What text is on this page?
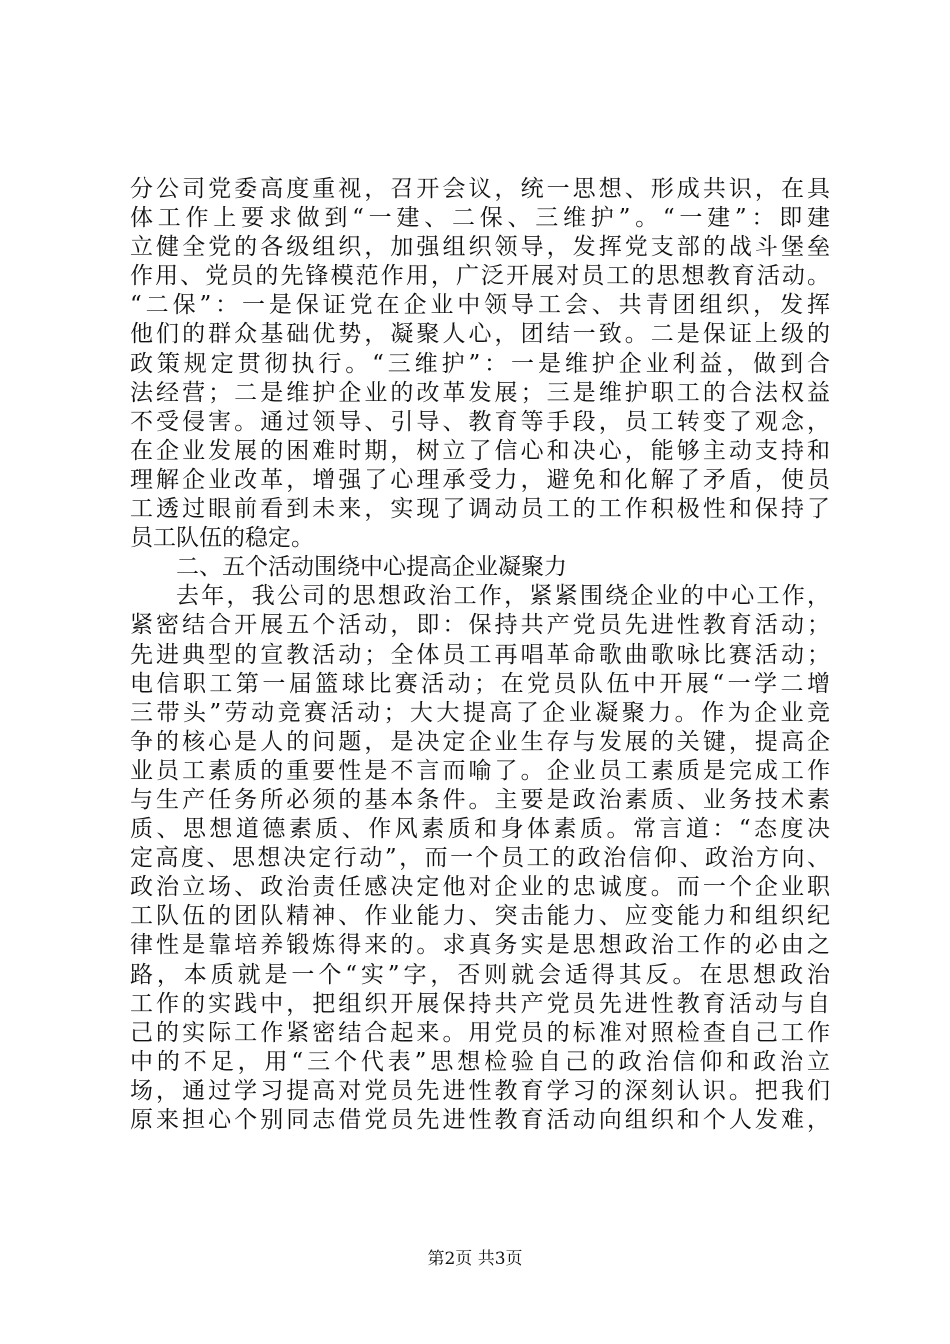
分公司党委高度重视，召开会议，统一思想、形成共识，在具
体工作上要求做到“一建、二保、三维护”。“一建”：即建
立健全党的各级组织，加强组织领导，发挥党支部的战斗堡垒
作用、党员的先锋模范作用，广泛开展对员工的思想教育活动。
“二保”：一是保证党在企业中领导工会、共青团组织，发挥
他们的群众基础优势，凝聚人心，团结一致。二是保证上级的
政策规定贯彻执行。“三维护”：一是维护企业利益，做到合
法经营；二是维护企业的改革发展；三是维护职工的合法权益
不受侵害。通过领导、引导、教育等手段，员工转变了观念，
在企业发展的困难时期，树立了信心和决心，能够主动支持和
理解企业改革，增强了心理承受力，避免和化解了矛盾，使员
工透过眼前看到未来，实现了调动员工的工作积极性和保持了
员工队伍的稳定。
二、五个活动围绕中心提高企业凝聚力
去年，我公司的思想政治工作，紧紧围绕企业的中心工作，
紧密结合开展五个活动，即：保持共产党员先进性教育活动；
先进典型的宣教活动；全体员工再唱革命歌曲歌咏比赛活动；
电信职工第一届篮球比赛活动；在党员队伍中开展“一学二增
三带头”劳动竞赛活动；大大提高了企业凝聚力。作为企业竞
争的核心是人的问题，是决定企业生存与发展的关键，提高企
业员工素质的重要性是不言而喻了。企业员工素质是完成工作
与生产任务所必须的基本条件。主要是政治素质、业务技术素
质、思想道德素质、作风素质和身体素质。常言道：“态度决
定高度、思想决定行动”，而一个员工的政治信仰、政治方向、
政治立场、政治责任感决定他对企业的忠诚度。而一个企业职
工队伍的团队精神、作业能力、突击能力、应变能力和组织纪
律性是靠培养锻炼得来的。求真务实是思想政治工作的必由之
路，本质就是一个“实”字，否则就会适得其反。在思想政治
工作的实践中，把组织开展保持共产党员先进性教育活动与自
己的实际工作紧密结合起来。用党员的标准对照检查自己工作
中的不足，用“三个代表”思想检验自己的政治信仰和政治立
场，通过学习提高对党员先进性教育学习的深刻认识。把我们
原来担心个别同志借党员先进性教育活动向组织和个人发难，
第2页 共3页
